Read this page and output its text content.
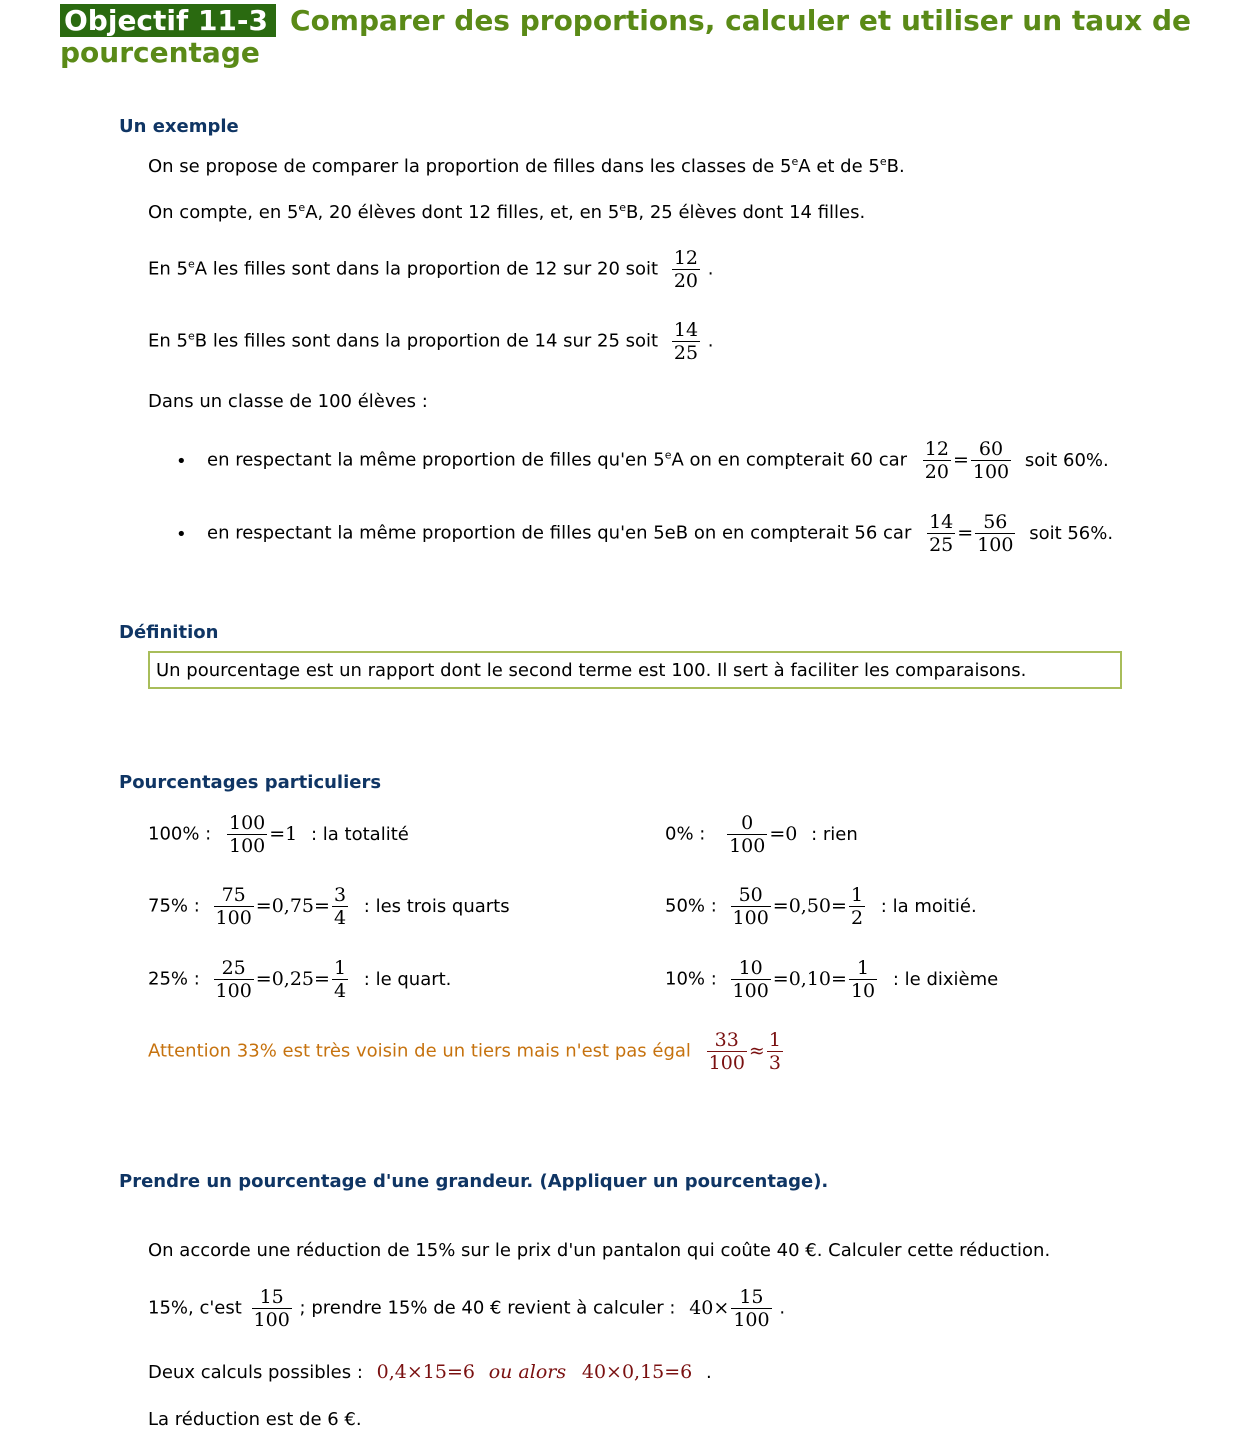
Objectif 11-3 Comparer des proportions, calculer et utiliser un taux de
pourcentage
Un exemple
On se propose de comparer la proportion de filles dans les classes de 5eA et de 5eB.
On compte, en 5eA, 20 élèves dont 12 filles, et, en 5eB, 25 élèves dont 14 filles.
En 5eA les filles sont dans la proportion de 12 sur 20 soit $\frac{12}{20}$ .
En 5eB les filles sont dans la proportion de 14 sur 25 soit $\frac{14}{25}$ .
Dans un classe de 100 élèves :
• en respectant la même proportion de filles qu'en 5eA on en compterait 60 car $\frac{12}{20} = \frac{60}{100}$ soit 60%.
• en respectant la même proportion de filles qu'en 5eB on en compterait 56 car $\frac{14}{25} = \frac{56}{100}$ soit 56%.
Définition
Un pourcentage est un rapport dont le second terme est 100. Il sert à faciliter les comparaisons.
Pourcentages particuliers
100% : $\frac{100}{100} =1$ : la totalité	0% : $\frac{0}{100} =0$ : rien
75% : $\frac{75}{100} =0,75= \frac{3}{4}$ : les trois quarts	50% : $\frac{50}{100} =0,50= \frac{1}{2}$ : la moitié.
25% : $\frac{25}{100} =0,25= \frac{1}{4}$ : le quart.	10% : $\frac{10}{100} =0,10= \frac{1}{10}$ : le dixième
Attention 33% est très voisin de un tiers mais n'est pas égal $\frac{33}{100} \approx \frac{1}{3}$
Prendre un pourcentage d'une grandeur. (Appliquer un pourcentage).
On accorde une réduction de 15% sur le prix d'un pantalon qui coûte 40 €. Calculer cette réduction.
15%, $c'est \frac{15}{100}$ ; prendre 15% de 40 € revient à calculer : $40\times \frac{15}{100}$ .
Deux calculs possibles : 0,4×15=6 ou alors 40×0,15=6 .
La réduction est de 6 €.
